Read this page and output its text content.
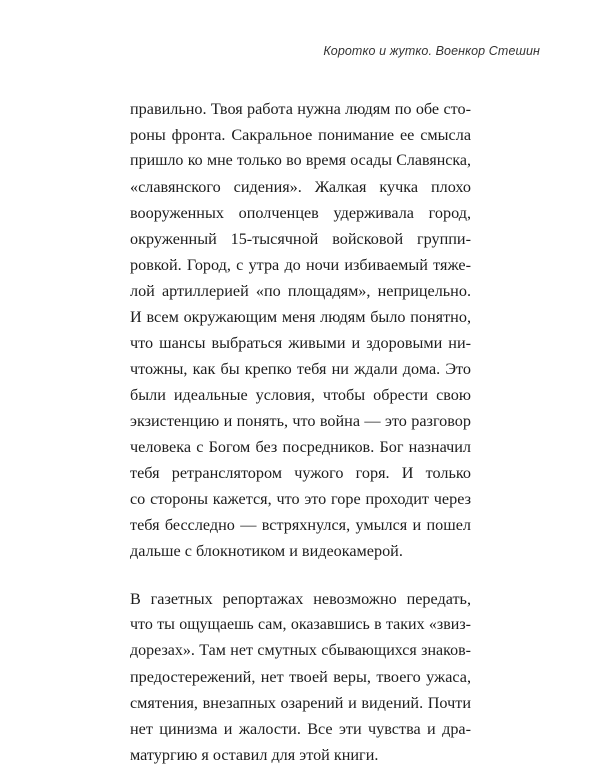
Коротко и жутко. Военкор Стешин
правильно. Твоя работа нужна людям по обе сто-
роны фронта. Сакральное понимание ее смысла
пришло ко мне только во время осады Славянска,
«славянского сидения». Жалкая кучка плохо
вооруженных ополченцев удерживала город,
окруженный 15-тысячной войсковой группи-
ровкой. Город, с утра до ночи избиваемый тяже-
лой артиллерией «по площадям», неприцельно.
И всем окружающим меня людям было понятно,
что шансы выбраться живыми и здоровыми ни-
чтожны, как бы крепко тебя ни ждали дома. Это
были идеальные условия, чтобы обрести свою
экзистенцию и понять, что война — это разговор
человека с Богом без посредников. Бог назначил
тебя ретранслятором чужого горя. И только
со стороны кажется, что это горе проходит через
тебя бесследно — встряхнулся, умылся и пошел
дальше с блокнотиком и видеокамерой.
В газетных репортажах невозможно передать,
что ты ощущаешь сам, оказавшись в таких «звиз-
дорезах». Там нет смутных сбывающихся знаков-
предостережений, нет твоей веры, твоего ужаса,
смятения, внезапных озарений и видений. Почти
нет цинизма и жалости. Все эти чувства и дра-
матургию я оставил для этой книги.
